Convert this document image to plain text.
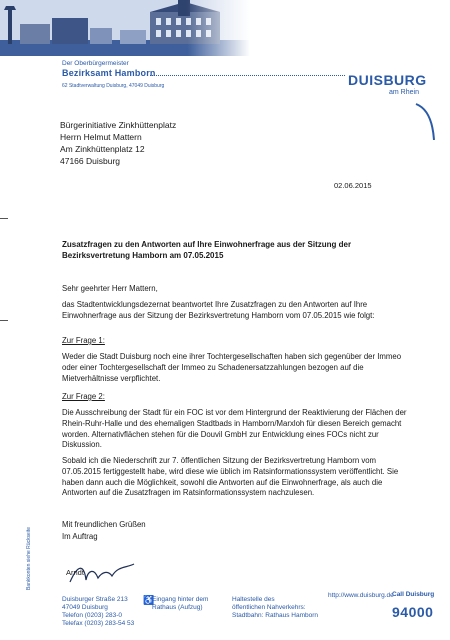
Der Oberbürgermeister
Bezirksamt Hamborn
62 Stadtverwaltung Duisburg, 47049 Duisburg	DUISBURG
am Rhein
Bürgerinitiative Zinkhüttenplatz
Herrn Helmut Mattern
Am Zinkhüttenplatz 12
47166 Duisburg
02.06.2015
Zusatzfragen zu den Antworten auf Ihre Einwohnerfrage aus der Sitzung der Bezirksvertretung Hamborn am 07.05.2015
Sehr geehrter Herr Mattern,
das Stadtentwicklungsdezernat beantwortet Ihre Zusatzfragen zu den Antworten auf Ihre Einwohnerfrage aus der Sitzung der Bezirksvertretung Hamborn vom 07.05.2015 wie folgt:
Zur Frage 1:
Weder die Stadt Duisburg noch eine ihrer Tochtergesellschaften haben sich gegenüber der Immeo oder einer Tochtergesellschaft der Immeo zu Schadenersatzzahlungen bezogen auf die Mietverhältnisse verpflichtet.
Zur Frage 2:
Die Ausschreibung der Stadt für ein FOC ist vor dem Hintergrund der Reaktivierung der Flächen der Rhein-Ruhr-Halle und des ehemaligen Stadtbads in Hamborn/Marxloh für diesen Bereich gemacht worden. Alternativflächen stehen für die Douvil GmbH zur Entwicklung eines FOCs nicht zur Diskussion.
Sobald ich die Niederschrift zur 7. öffentlichen Sitzung der Bezirksvertretung Hamborn vom 07.05.2015 fertiggestellt habe, wird diese wie üblich im Ratsinformationssystem veröffentlicht. Sie haben dann auch die Möglichkeit, sowohl die Antworten auf die Einwohnerfrage, als auch die Antworten auf die Zusatzfragen im Ratsinformationssystem nachzulesen.
Mit freundlichen Grüßen
Im Auftrag
Arndt
Bankkonten siehe Rückseite
Duisburger Straße 213
47049 Duisburg
Telefon (0203) 283-0
Telefax (0203) 283-54 53
♿
Eingang hinter dem
Rathaus (Aufzug)
Haltestelle des
öffentlichen Nahverkehrs:
Stadtbahn: Rathaus Hamborn
http://www.duisburg.de
Call Duisburg
94000
